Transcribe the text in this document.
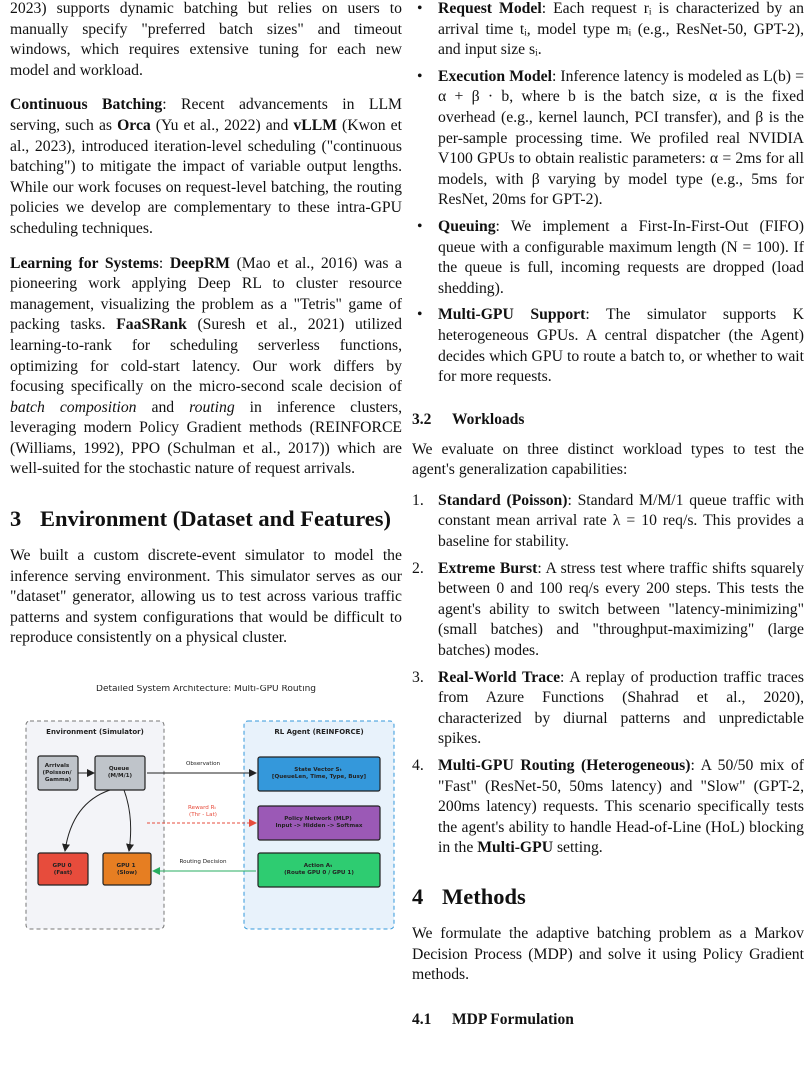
2023) supports dynamic batching but relies on users to manually specify "preferred batch sizes" and timeout windows, which requires extensive tuning for each new model and workload.

Continuous Batching: Recent advancements in LLM serving, such as Orca (Yu et al., 2022) and vLLM (Kwon et al., 2023), introduced iteration-level scheduling ("continuous batching") to mitigate the impact of variable output lengths. While our work focuses on request-level batching, the routing policies we develop are complementary to these intra-GPU scheduling techniques.

Learning for Systems: DeepRM (Mao et al., 2016) was a pioneering work applying Deep RL to cluster resource management, visualizing the problem as a "Tetris" game of packing tasks. FaaSRank (Suresh et al., 2021) utilized learning-to-rank for scheduling serverless functions, optimizing for cold-start latency. Our work differs by focusing specifically on the micro-second scale decision of batch composition and routing in inference clusters, leveraging modern Policy Gradient methods (REINFORCE (Williams, 1992), PPO (Schulman et al., 2017)) which are well-suited for the stochastic nature of request arrivals.

3 Environment (Dataset and Features)

We built a custom discrete-event simulator to model the inference serving environment. This simulator serves as our "dataset" generator, allowing us to test across various traffic patterns and system configurations that would be difficult to reproduce consistently on a physical cluster.

Detailed System Architecture: Multi-GPU Routing
Environment (Simulator)	RL Agent (REINFORCE)
Arrivals (Poisson/ Gamma)
Queue (M/M/1)
GPU 0 (Fast)
GPU 1 (Slow)
State Vector Sₜ [QueueLen, Time, Type, Busy]
Policy Network (MLP) Input -> Hidden -> Softmax
Action Aₜ (Route GPU 0 / GPU 1)
Observation
Reward Rₜ (Thr - Lat)
Routing Decision
• Request Model: Each request rᵢ is characterized by an arrival time tᵢ, model type mᵢ (e.g., ResNet-50, GPT-2), and input size sᵢ.
• Execution Model: Inference latency is modeled as L(b) = α + β · b, where b is the batch size, α is the fixed overhead (e.g., kernel launch, PCI transfer), and β is the per-sample processing time. We profiled real NVIDIA V100 GPUs to obtain realistic parameters: α = 2ms for all models, with β varying by model type (e.g., 5ms for ResNet, 20ms for GPT-2).
• Queuing: We implement a First-In-First-Out (FIFO) queue with a configurable maximum length (N = 100). If the queue is full, incoming requests are dropped (load shedding).
• Multi-GPU Support: The simulator supports K heterogeneous GPUs. A central dispatcher (the Agent) decides which GPU to route a batch to, or whether to wait for more requests.
3.2	Workloads

We evaluate on three distinct workload types to test the agent's generalization capabilities:

1. Standard (Poisson): Standard M/M/1 queue traffic with constant mean arrival rate λ = 10 req/s. This provides a baseline for stability.
2. Extreme Burst: A stress test where traffic shifts squarely between 0 and 100 req/s every 200 steps. This tests the agent's ability to switch between "latency-minimizing" (small batches) and "throughput-maximizing" (large batches) modes.
3. Real-World Trace: A replay of production traffic traces from Azure Functions (Shahrad et al., 2020), characterized by diurnal patterns and unpredictable spikes.
4. Multi-GPU Routing (Heterogeneous): A 50/50 mix of "Fast" (ResNet-50, 50ms latency) and "Slow" (GPT-2, 200ms latency) requests. This scenario specifically tests the agent's ability to handle Head-of-Line (HoL) blocking in the Multi-GPU setting.
4 Methods

We formulate the adaptive batching problem as a Markov Decision Process (MDP) and solve it using Policy Gradient methods.

4.1	MDP Formulation
